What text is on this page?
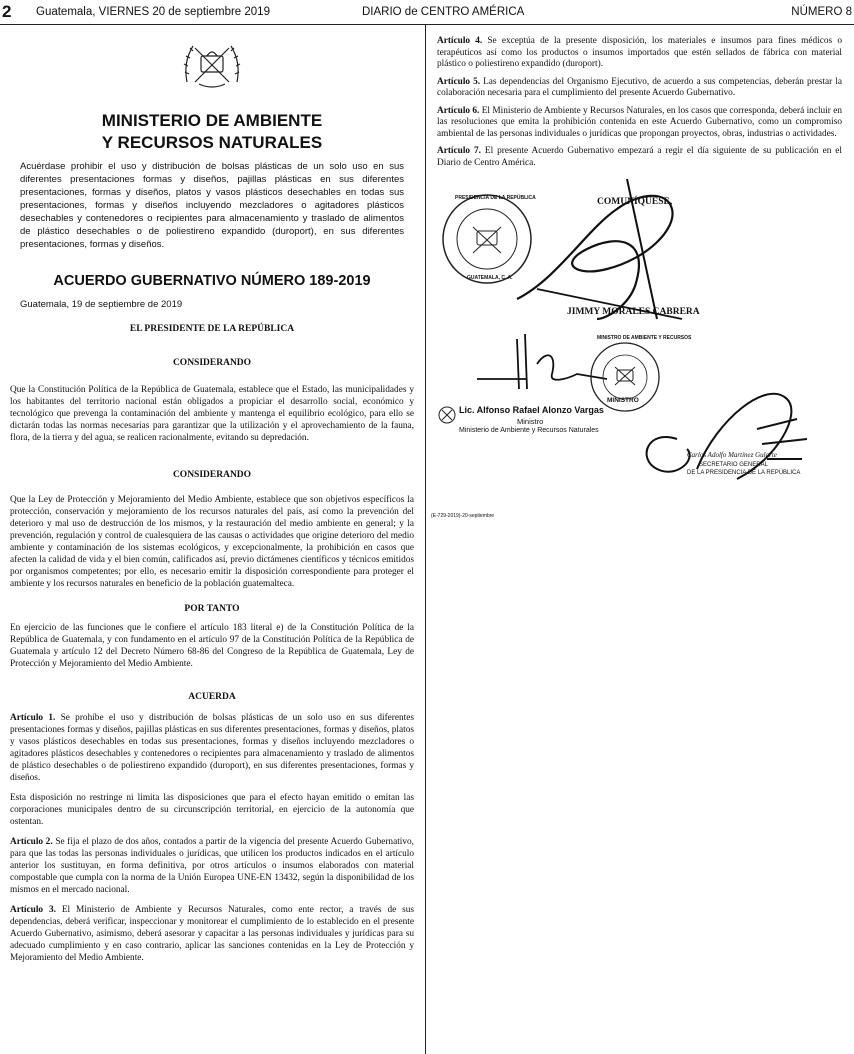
2 Guatemala, VIERNES 20 de septiembre 2019	DIARIO de CENTRO AMÉRICA	NÚMERO 8
MINISTERIO DE AMBIENTE
Y RECURSOS NATURALES

Acuérdase prohibir el uso y distribución de bolsas plásticas de un solo uso en sus diferentes presentaciones formas y diseños, pajillas plásticas en sus diferentes presentaciones, formas y diseños, platos y vasos plásticos desechables en todas sus presentaciones, formas y diseños incluyendo mezcladores o agitadores plásticos desechables y contenedores o recipientes para almacenamiento y traslado de alimentos de plástico desechables o de poliestireno expandido (duroport), en sus diferentes presentaciones, formas y diseños.

ACUERDO GUBERNATIVO NÚMERO 189-2019
Guatemala, 19 de septiembre de 2019

EL PRESIDENTE DE LA REPÚBLICA

CONSIDERANDO

Que la Constitución Política de la República de Guatemala, establece que el Estado, las municipalidades y los habitantes del territorio nacional están obligados a propiciar el desarrollo social, económico y tecnológico que prevenga la contaminación del ambiente y mantenga el equilibrio ecológico, para ello se dictarán todas las normas necesarias para garantizar que la utilización y el aprovechamiento de la fauna, flora, de la tierra y del agua, se realicen racionalmente, evitando su depredación.

CONSIDERANDO

Que la Ley de Protección y Mejoramiento del Medio Ambiente, establece que son objetivos específicos la protección, conservación y mejoramiento de los recursos naturales del país, así como la prevención del deterioro y mal uso de destrucción de los mismos, y la restauración del medio ambiente en general; y la prevención, regulación y control de cualesquiera de las causas o actividades que origine deterioro del medio ambiente y contaminación de los sistemas ecológicos, y excepcionalmente, la prohibición en casos que afecten la calidad de vida y el bien común, calificados así, previo dictámenes científicos y técnicos emitidos por organismos competentes; por ello, es necesario emitir la disposición correspondiente para proteger el ambiente y los recursos naturales en beneficio de la población guatemalteca.

POR TANTO

En ejercicio de las funciones que le confiere el artículo 183 literal e) de la Constitución Política de la República de Guatemala, y con fundamento en el artículo 97 de la Constitución Política de la República de Guatemala y artículo 12 del Decreto Número 68-86 del Congreso de la República de Guatemala, Ley de Protección y Mejoramiento del Medio Ambiente.

ACUERDA

Artículo 1. Se prohíbe el uso y distribución de bolsas plásticas de un solo uso en sus diferentes presentaciones formas y diseños, pajillas plásticas en sus diferentes presentaciones, formas y diseños, platos y vasos plásticos desechables en todas sus presentaciones, formas y diseños incluyendo mezcladores o agitadores plásticos desechables y contenedores o recipientes para almacenamiento y traslado de alimentos de plástico desechables o de poliestireno expandido (duroport), en sus diferentes presentaciones, formas y diseños.

Esta disposición no restringe ni limita las disposiciones que para el efecto hayan emitido o emitan las corporaciones municipales dentro de su circunscripción territorial, en ejercicio de la autonomía que ostentan.

Artículo 2. Se fija el plazo de dos años, contados a partir de la vigencia del presente Acuerdo Gubernativo, para que las todas las personas individuales o jurídicas, que utilicen los productos indicados en el artículo anterior los sustituyan, en forma definitiva, por otros artículos o insumos elaborados con material compostable que cumpla con la norma de la Unión Europea UNE-EN 13432, según la disponibilidad de los mismos en el mercado nacional.

Artículo 3. El Ministerio de Ambiente y Recursos Naturales, como ente rector, a través de sus dependencias, deberá verificar, inspeccionar y monitorear el cumplimiento de lo establecido en el presente Acuerdo Gubernativo, asimismo, deberá asesorar y capacitar a las personas individuales y jurídicas para su adecuado cumplimiento y en caso contrario, aplicar las sanciones contenidas en la Ley de Protección y Mejoramiento del Medio Ambiente.

Artículo 4. Se exceptúa de la presente disposición, los materiales e insumos para fines médicos o terapéuticos así como los productos o insumos importados que estén sellados de fábrica con material plástico o poliestireno expandido (duroport).

Artículo 5. Las dependencias del Organismo Ejecutivo, de acuerdo a sus competencias, deberán prestar la colaboración necesaria para el cumplimiento del presente Acuerdo Gubernativo.

Artículo 6. El Ministerio de Ambiente y Recursos Naturales, en los casos que corresponda, deberá incluir en las resoluciones que emita la prohibición contenida en este Acuerdo Gubernativo, como un compromiso ambiental de las personas individuales o jurídicas que propongan proyectos, obras, industrias o actividades.

Artículo 7. El presente Acuerdo Gubernativo empezará a regir el día siguiente de su publicación en el Diario de Centro América.

COMUNÍQUESE,
PRESIDENCIA DE LA REPÚBLICA
GUATEMALA, C. A.
JIMMY MORALES CABRERA
MINISTRO DE AMBIENTE Y RECURSOS
MINISTRO
Lic. Alfonso Rafael Alonzo Vargas
Ministro
Ministerio de Ambiente y Recursos Naturales
Carlos Adolfo Martínez Gularte
SECRETARIO GENERAL
DE LA PRESIDENCIA DE LA REPÚBLICA
(E-729-2019)-20-septiembre
